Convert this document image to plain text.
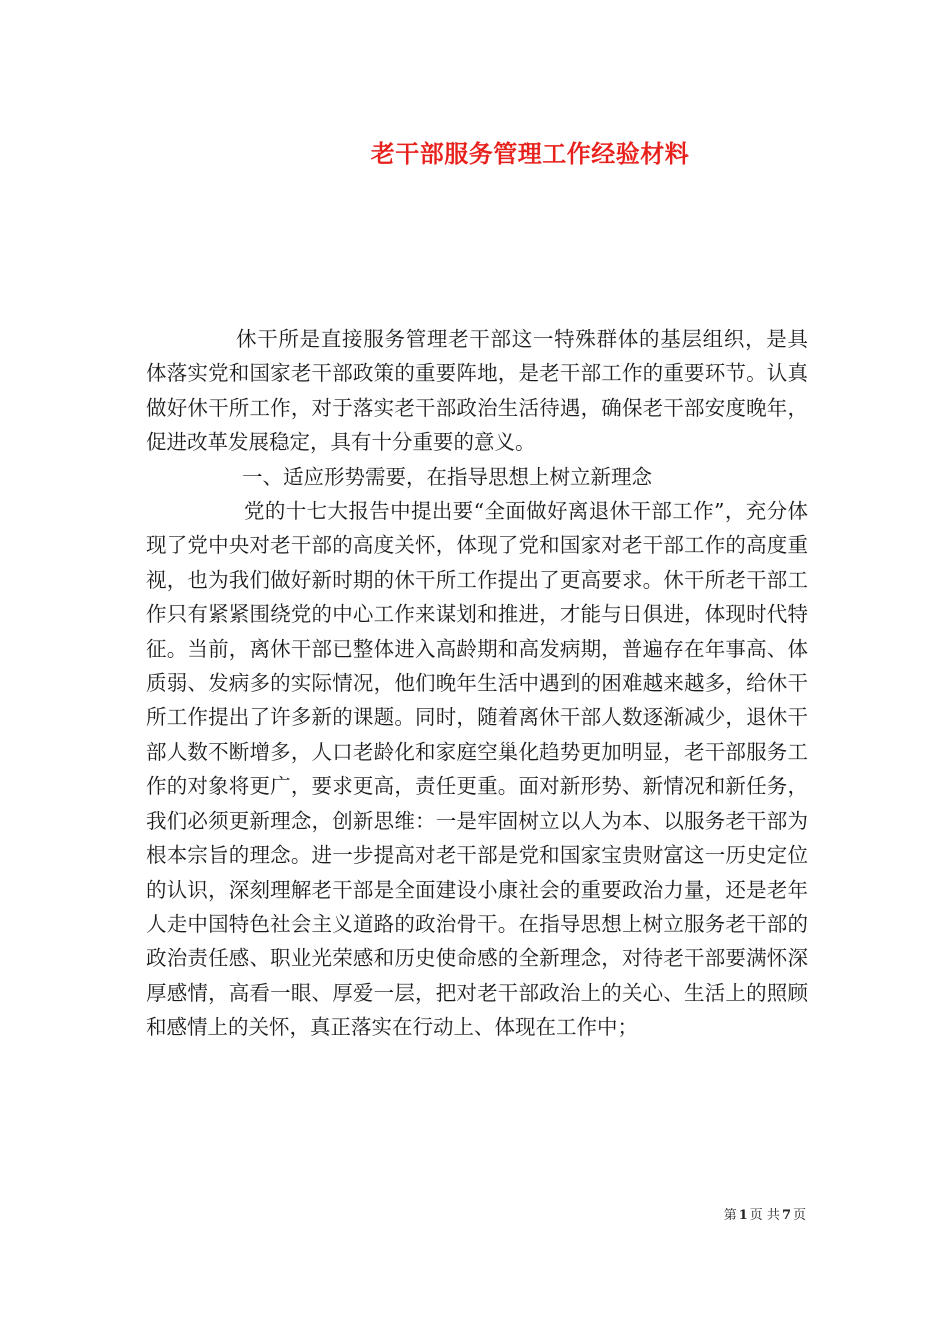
老干部服务管理工作经验材料

休干所是直接服务管理老干部这一特殊群体的基层组织，是具体落实党和国家老干部政策的重要阵地，是老干部工作的重要环节。认真做好休干所工作，对于落实老干部政治生活待遇，确保老干部安度晚年，促进改革发展稳定，具有十分重要的意义。

一、适应形势需要，在指导思想上树立新理念

党的十七大报告中提出要“全面做好离退休干部工作”，充分体现了党中央对老干部的高度关怀，体现了党和国家对老干部工作的高度重视，也为我们做好新时期的休干所工作提出了更高要求。休干所老干部工作只有紧紧围绕党的中心工作来谋划和推进，才能与日俱进，体现时代特征。当前，离休干部已整体进入高龄期和高发病期，普遍存在年事高、体质弱、发病多的实际情况，他们晚年生活中遇到的困难越来越多，给休干所工作提出了许多新的课题。同时，随着离休干部人数逐渐减少，退休干部人数不断增多，人口老龄化和家庭空巢化趋势更加明显，老干部服务工作的对象将更广，要求更高，责任更重。面对新形势、新情况和新任务，我们必须更新理念，创新思维：一是牢固树立以人为本、以服务老干部为根本宗旨的理念。进一步提高对老干部是党和国家宝贵财富这一历史定位的认识，深刻理解老干部是全面建设小康社会的重要政治力量，还是老年人走中国特色社会主义道路的政治骨干。在指导思想上树立服务老干部的政治责任感、职业光荣感和历史使命感的全新理念，对待老干部要满怀深厚感情，高看一眼、厚爱一层，把对老干部政治上的关心、生活上的照顾和感情上的关怀，真正落实在行动上、体现在工作中；

第 1 页 共 7 页
